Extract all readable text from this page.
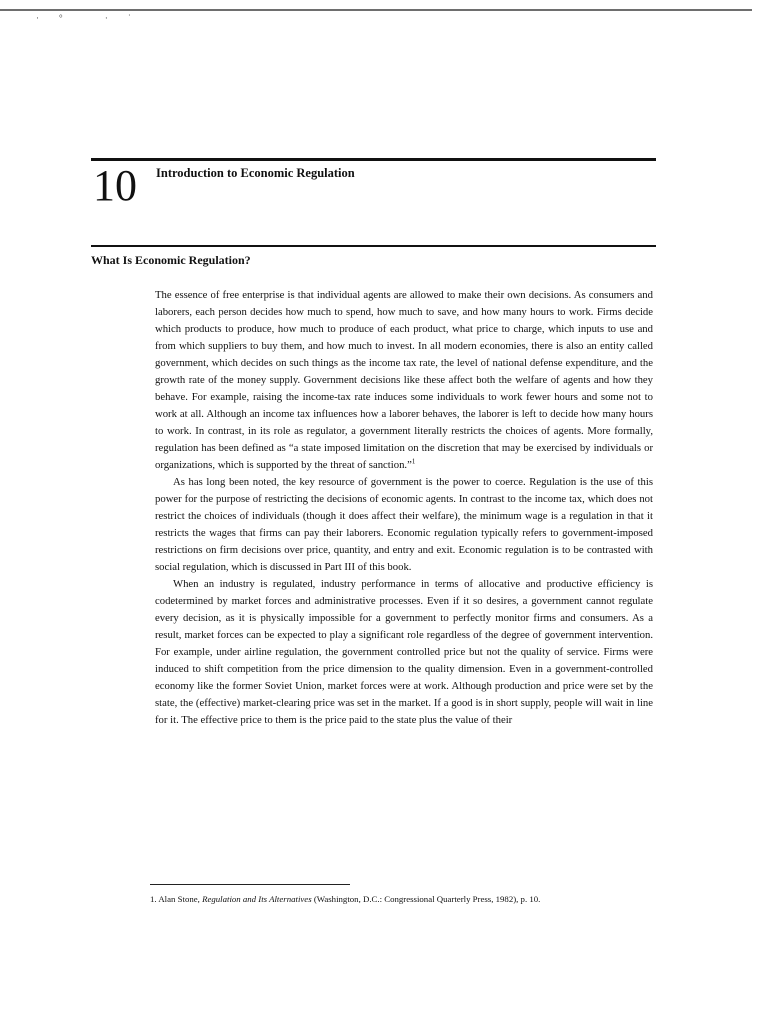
·° ·˙
10 Introduction to Economic Regulation
What Is Economic Regulation?

The essence of free enterprise is that individual agents are allowed to make their own decisions. As consumers and laborers, each person decides how much to spend, how much to save, and how many hours to work. Firms decide which products to produce, how much to produce of each product, what price to charge, which inputs to use and from which suppliers to buy them, and how much to invest. In all modern economies, there is also an entity called government, which decides on such things as the income tax rate, the level of national defense expenditure, and the growth rate of the money supply. Government decisions like these affect both the welfare of agents and how they behave. For example, raising the income-tax rate induces some individuals to work fewer hours and some not to work at all. Although an income tax influences how a laborer behaves, the laborer is left to decide how many hours to work. In contrast, in its role as regulator, a government literally restricts the choices of agents. More formally, regulation has been defined as “a state imposed limitation on the discretion that may be exercised by individuals or organizations, which is supported by the threat of sanction.”$^1$

As has long been noted, the key resource of government is the power to coerce. Regulation is the use of this power for the purpose of restricting the decisions of economic agents. In contrast to the income tax, which does not restrict the choices of individuals (though it does affect their welfare), the minimum wage is a regulation in that it restricts the wages that firms can pay their laborers. Economic regulation typically refers to government-imposed restrictions on firm decisions over price, quantity, and entry and exit. Economic regulation is to be contrasted with social regulation, which is discussed in Part III of this book.

When an industry is regulated, industry performance in terms of allocative and productive efficiency is codetermined by market forces and administrative processes. Even if it so desires, a government cannot regulate every decision, as it is physically impossible for a government to perfectly monitor firms and consumers. As a result, market forces can be expected to play a significant role regardless of the degree of government intervention. For example, under airline regulation, the government controlled price but not the quality of service. Firms were induced to shift competition from the price dimension to the quality dimension. Even in a government-controlled economy like the former Soviet Union, market forces were at work. Although production and price were set by the state, the (effective) market-clearing price was set in the market. If a good is in short supply, people will wait in line for it. The effective price to them is the price paid to the state plus the value of their

1. Alan Stone, Regulation and Its Alternatives (Washington, D.C.: Congressional Quarterly Press, 1982), p. 10.
